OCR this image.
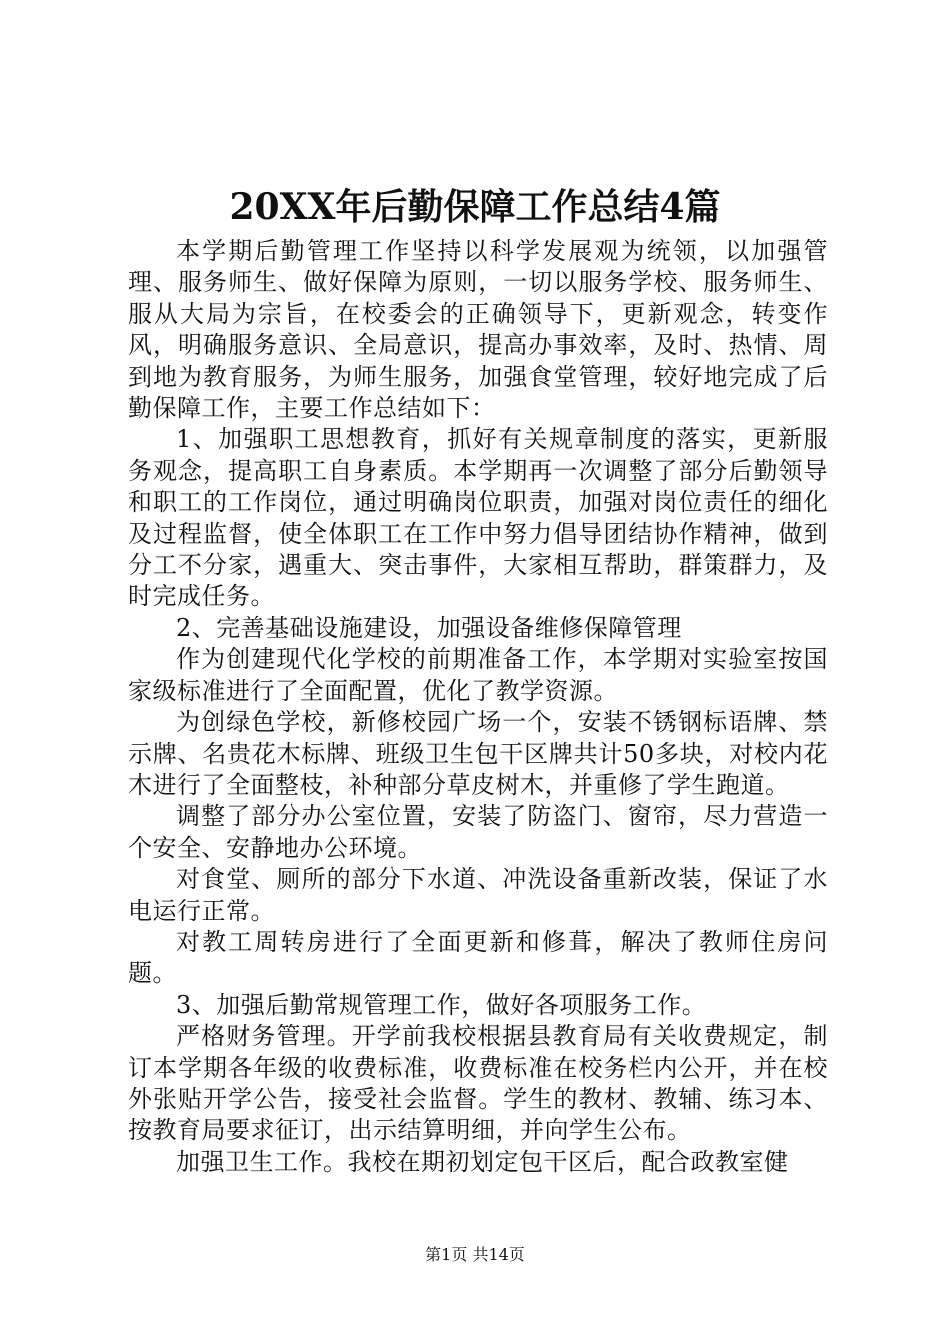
20XX年后勤保障工作总结4篇

本学期后勤管理工作坚持以科学发展观为统领，以加强管理、服务师生、做好保障为原则，一切以服务学校、服务师生、服从大局为宗旨，在校委会的正确领导下，更新观念，转变作风，明确服务意识、全局意识，提高办事效率，及时、热情、周到地为教育服务，为师生服务，加强食堂管理，较好地完成了后勤保障工作，主要工作总结如下：

1、加强职工思想教育，抓好有关规章制度的落实，更新服务观念，提高职工自身素质。本学期再一次调整了部分后勤领导和职工的工作岗位，通过明确岗位职责，加强对岗位责任的细化及过程监督，使全体职工在工作中努力倡导团结协作精神，做到分工不分家，遇重大、突击事件，大家相互帮助，群策群力，及时完成任务。

2、完善基础设施建设，加强设备维修保障管理

作为创建现代化学校的前期准备工作，本学期对实验室按国家级标准进行了全面配置，优化了教学资源。

为创绿色学校，新修校园广场一个，安装不锈钢标语牌、禁示牌、名贵花木标牌、班级卫生包干区牌共计50多块，对校内花木进行了全面整枝，补种部分草皮树木，并重修了学生跑道。

调整了部分办公室位置，安装了防盗门、窗帘，尽力营造一个安全、安静地办公环境。

对食堂、厕所的部分下水道、冲洗设备重新改装，保证了水电运行正常。

对教工周转房进行了全面更新和修葺，解决了教师住房问题。

3、加强后勤常规管理工作，做好各项服务工作。

严格财务管理。开学前我校根据县教育局有关收费规定，制订本学期各年级的收费标准，收费标准在校务栏内公开，并在校外张贴开学公告，接受社会监督。学生的教材、教辅、练习本、按教育局要求征订，出示结算明细，并向学生公布。

加强卫生工作。我校在期初划定包干区后，配合政教室健

第1页 共14页
